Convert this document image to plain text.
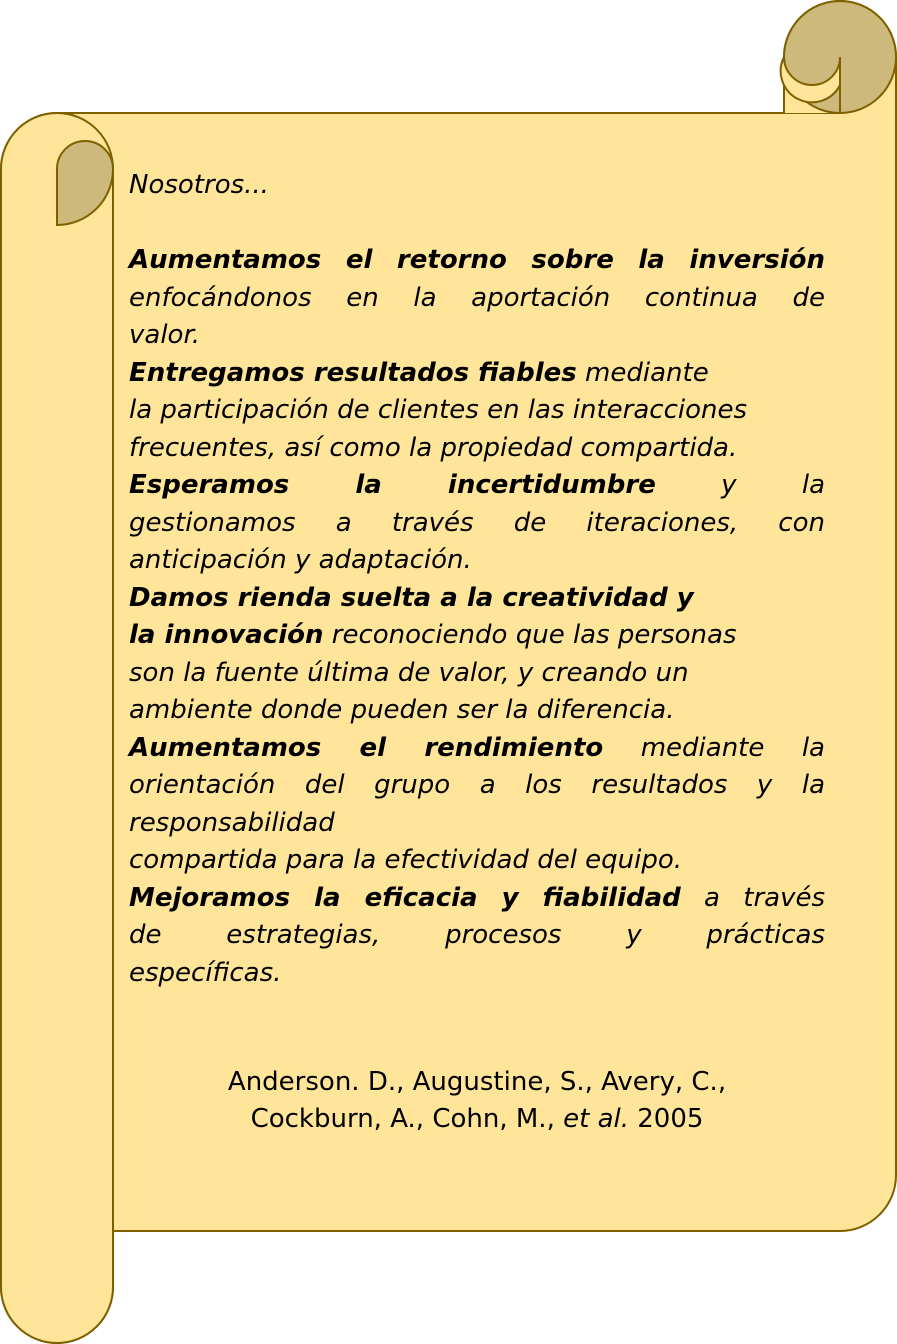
Nosotros...

Aumentamos el retorno sobre la inversión

enfocándonos en la aportación continua de

valor.

Entregamos resultados fiables mediante

la participación de clientes en las interacciones

frecuentes, así como la propiedad compartida.

Esperamos la incertidumbre	y la

gestionamos a través de iteraciones, con

anticipación y adaptación.

Damos rienda suelta a la creatividad y

la innovación reconociendo que las personas

son la fuente última de valor, y creando un

ambiente donde pueden ser la diferencia.

Aumentamos el rendimiento mediante la

orientación del grupo a los resultados y la

responsabilidad

compartida para la efectividad del equipo.

Mejoramos la eficacia y fiabilidad a través

de estrategias, procesos y prácticas

específicas.

Anderson. D., Augustine, S., Avery, C.,

Cockburn, A., Cohn, M., et al. 2005
